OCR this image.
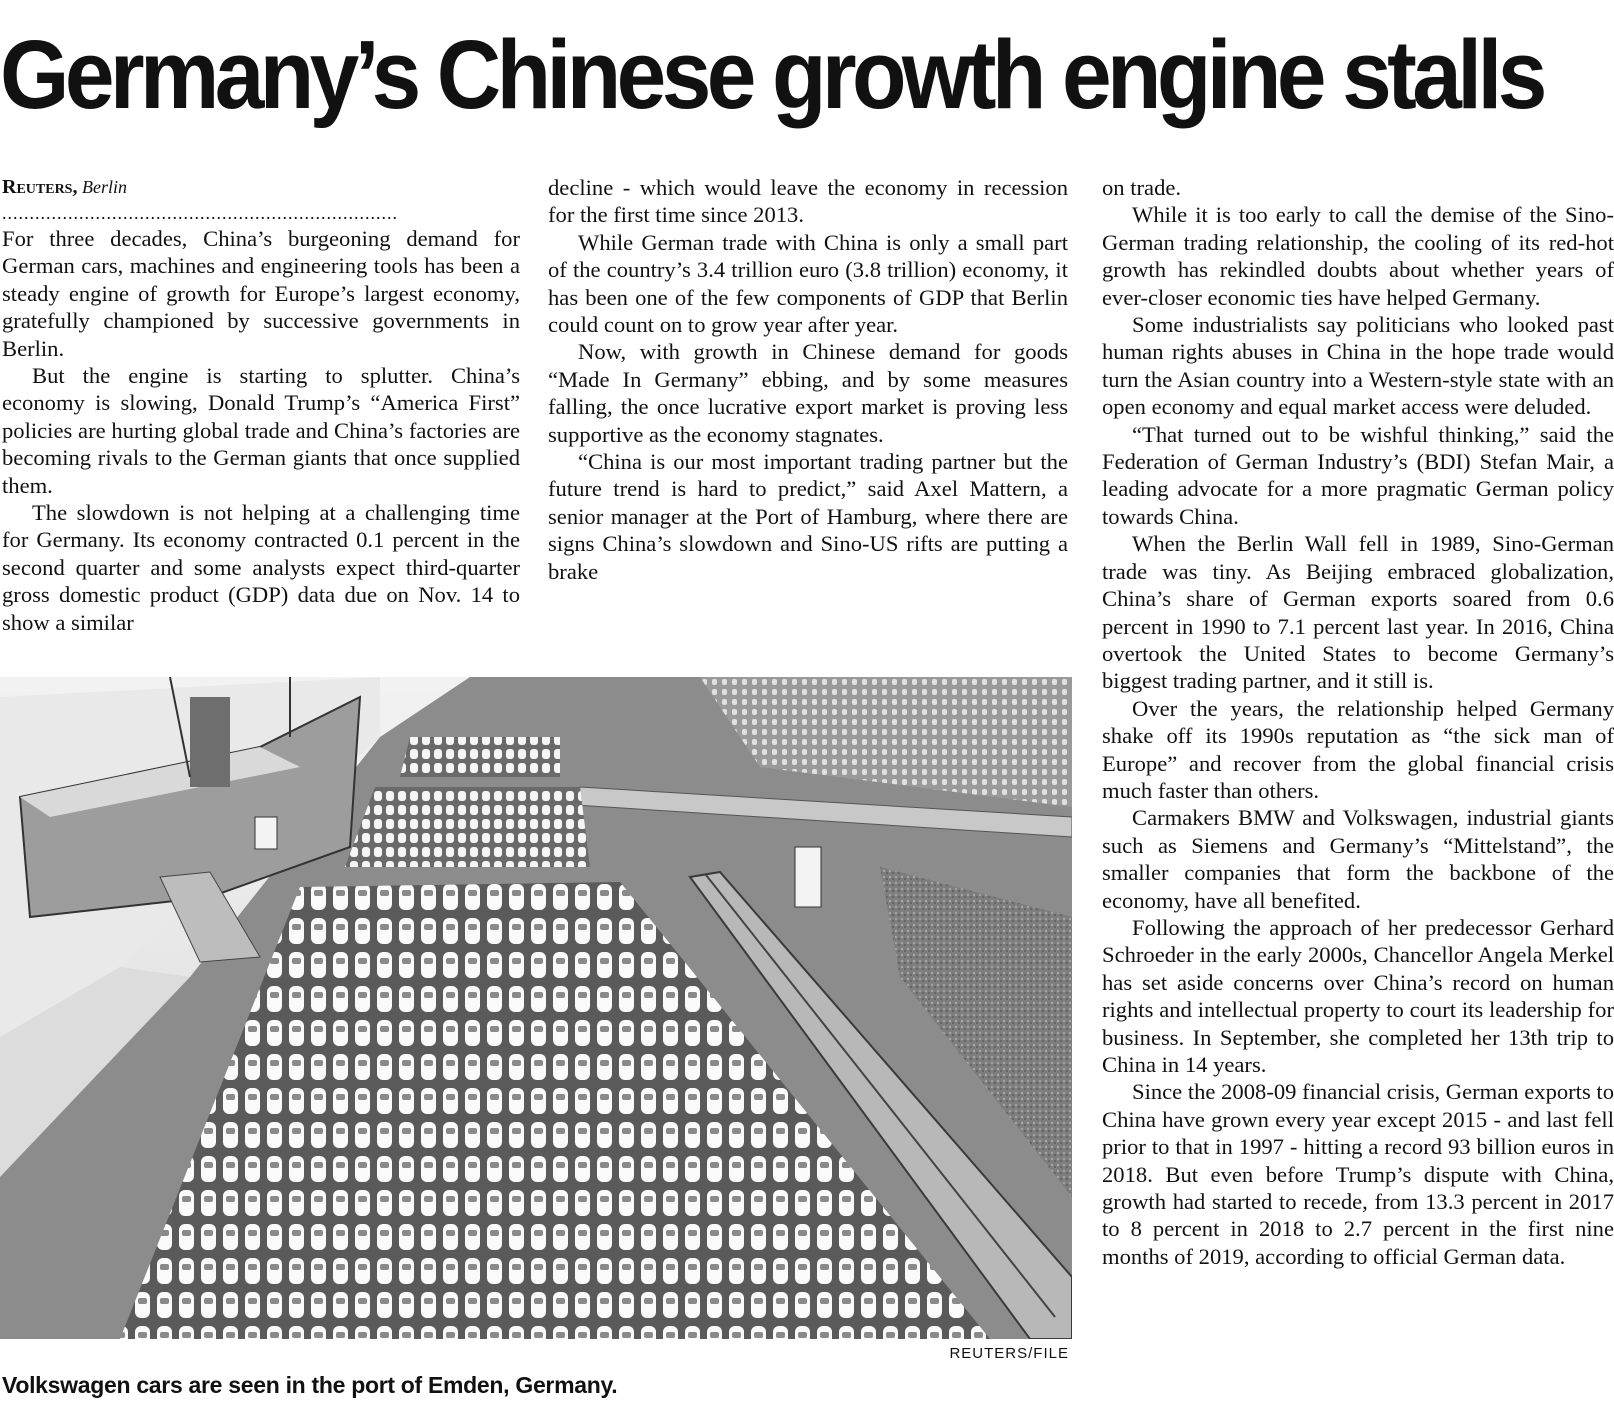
Germany’s Chinese growth engine stalls

Reuters, Berlin

........................................................................

For three decades, China’s burgeoning demand for German cars, machines and engineering tools has been a steady engine of growth for Europe’s largest economy, gratefully championed by successive governments in Berlin.

But the engine is starting to splutter. China’s economy is slowing, Donald Trump’s “America First” policies are hurting global trade and China’s factories are becoming rivals to the German giants that once supplied them.

The slowdown is not helping at a challenging time for Germany. Its economy contracted 0.1 percent in the second quarter and some analysts expect third-quarter gross domestic product (GDP) data due on Nov. 14 to show a similar

decline - which would leave the economy in recession for the first time since 2013.

While German trade with China is only a small part of the country’s 3.4 trillion euro (3.8 trillion) economy, it has been one of the few components of GDP that Berlin could count on to grow year after year.

Now, with growth in Chinese demand for goods “Made In Germany” ebbing, and by some measures falling, the once lucrative export market is proving less supportive as the economy stagnates.

“China is our most important trading partner but the future trend is hard to predict,” said Axel Mattern, a senior manager at the Port of Hamburg, where there are signs China’s slowdown and Sino-US rifts are putting a brake

on trade.

While it is too early to call the demise of the Sino-German trading relationship, the cooling of its red-hot growth has rekindled doubts about whether years of ever-closer economic ties have helped Germany.

Some industrialists say politicians who looked past human rights abuses in China in the hope trade would turn the Asian country into a Western-style state with an open economy and equal market access were deluded.

“That turned out to be wishful thinking,” said the Federation of German Industry’s (BDI) Stefan Mair, a leading advocate for a more pragmatic German policy towards China.

When the Berlin Wall fell in 1989, Sino-German trade was tiny. As Beijing embraced globalization, China’s share of German exports soared from 0.6 percent in 1990 to 7.1 percent last year. In 2016, China overtook the United States to become Germany’s biggest trading partner, and it still is.

Over the years, the relationship helped Germany shake off its 1990s reputation as “the sick man of Europe” and recover from the global financial crisis much faster than others.

Carmakers BMW and Volkswagen, industrial giants such as Siemens and Germany’s “Mittelstand”, the smaller companies that form the backbone of the economy, have all benefited.

Following the approach of her predecessor Gerhard Schroeder in the early 2000s, Chancellor Angela Merkel has set aside concerns over China’s record on human rights and intellectual property to court its leadership for business. In September, she completed her 13th trip to China in 14 years.

Since the 2008-09 financial crisis, German exports to China have grown every year except 2015 - and last fell prior to that in 1997 - hitting a record 93 billion euros in 2018. But even before Trump’s dispute with China, growth had started to recede, from 13.3 percent in 2017 to 8 percent in 2018 to 2.7 percent in the first nine months of 2019, according to official German data.

REUTERS/FILE

Volkswagen cars are seen in the port of Emden, Germany.
